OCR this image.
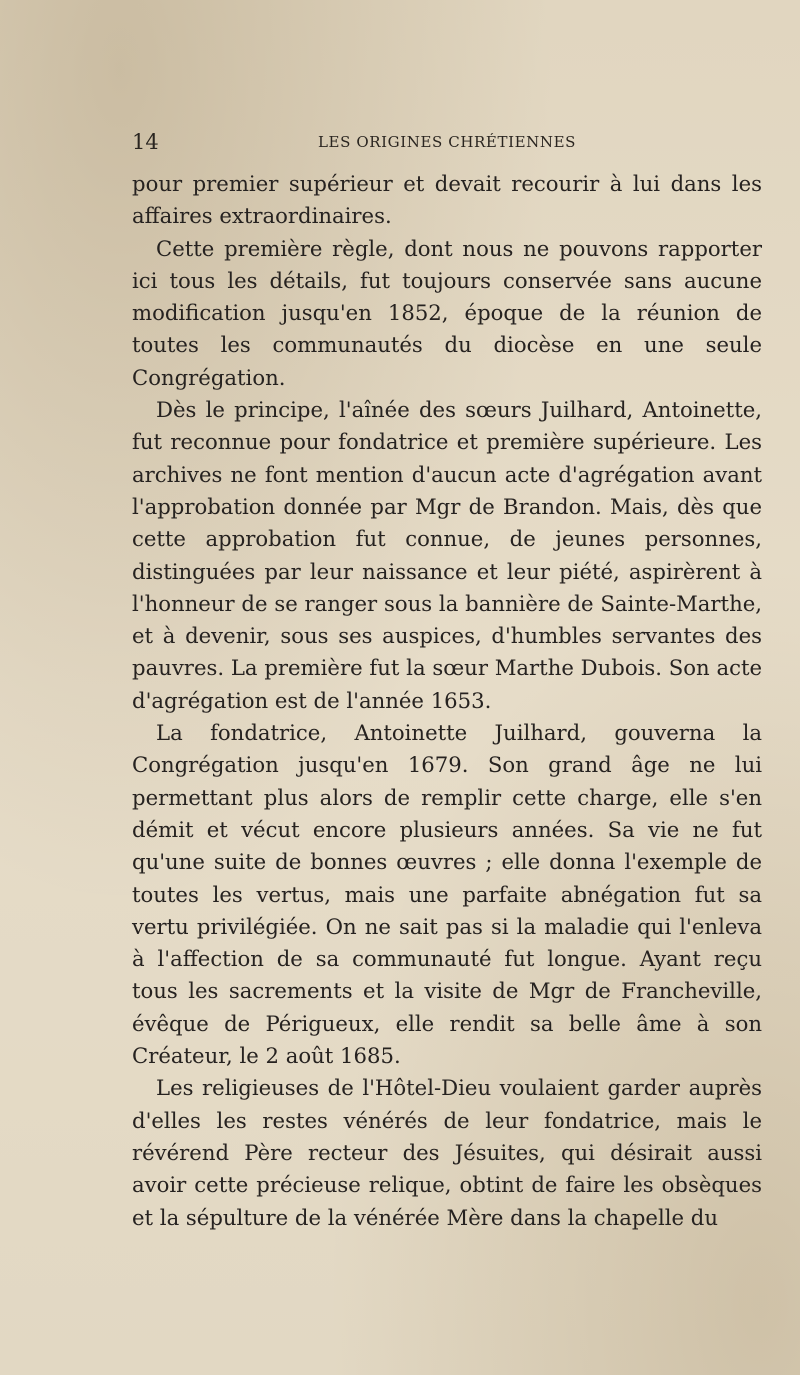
14	LES ORIGINES CHRÉTIENNES

pour premier supérieur et devait recourir à lui dans les affaires extraordinaires.

Cette première règle, dont nous ne pouvons rapporter ici tous les détails, fut toujours conservée sans aucune modification jusqu'en 1852, époque de la réunion de toutes les communautés du diocèse en une seule Congrégation.

Dès le principe, l'aînée des sœurs Juilhard, Antoinette, fut reconnue pour fondatrice et première supérieure. Les archives ne font mention d'aucun acte d'agrégation avant l'approbation donnée par Mgr de Brandon. Mais, dès que cette approbation fut connue, de jeunes personnes, distinguées par leur naissance et leur piété, aspirèrent à l'honneur de se ranger sous la bannière de Sainte-Marthe, et à devenir, sous ses auspices, d'humbles servantes des pauvres. La première fut la sœur Marthe Dubois. Son acte d'agrégation est de l'année 1653.

La fondatrice, Antoinette Juilhard, gouverna la Congrégation jusqu'en 1679. Son grand âge ne lui permettant plus alors de remplir cette charge, elle s'en démit et vécut encore plusieurs années. Sa vie ne fut qu'une suite de bonnes œuvres ; elle donna l'exemple de toutes les vertus, mais une parfaite abnégation fut sa vertu privilégiée. On ne sait pas si la maladie qui l'enleva à l'affection de sa communauté fut longue. Ayant reçu tous les sacrements et la visite de Mgr de Francheville, évêque de Périgueux, elle rendit sa belle âme à son Créateur, le 2 août 1685.

Les religieuses de l'Hôtel-Dieu voulaient garder auprès d'elles les restes vénérés de leur fondatrice, mais le révérend Père recteur des Jésuites, qui désirait aussi avoir cette précieuse relique, obtint de faire les obsèques et la sépulture de la vénérée Mère dans la chapelle du
